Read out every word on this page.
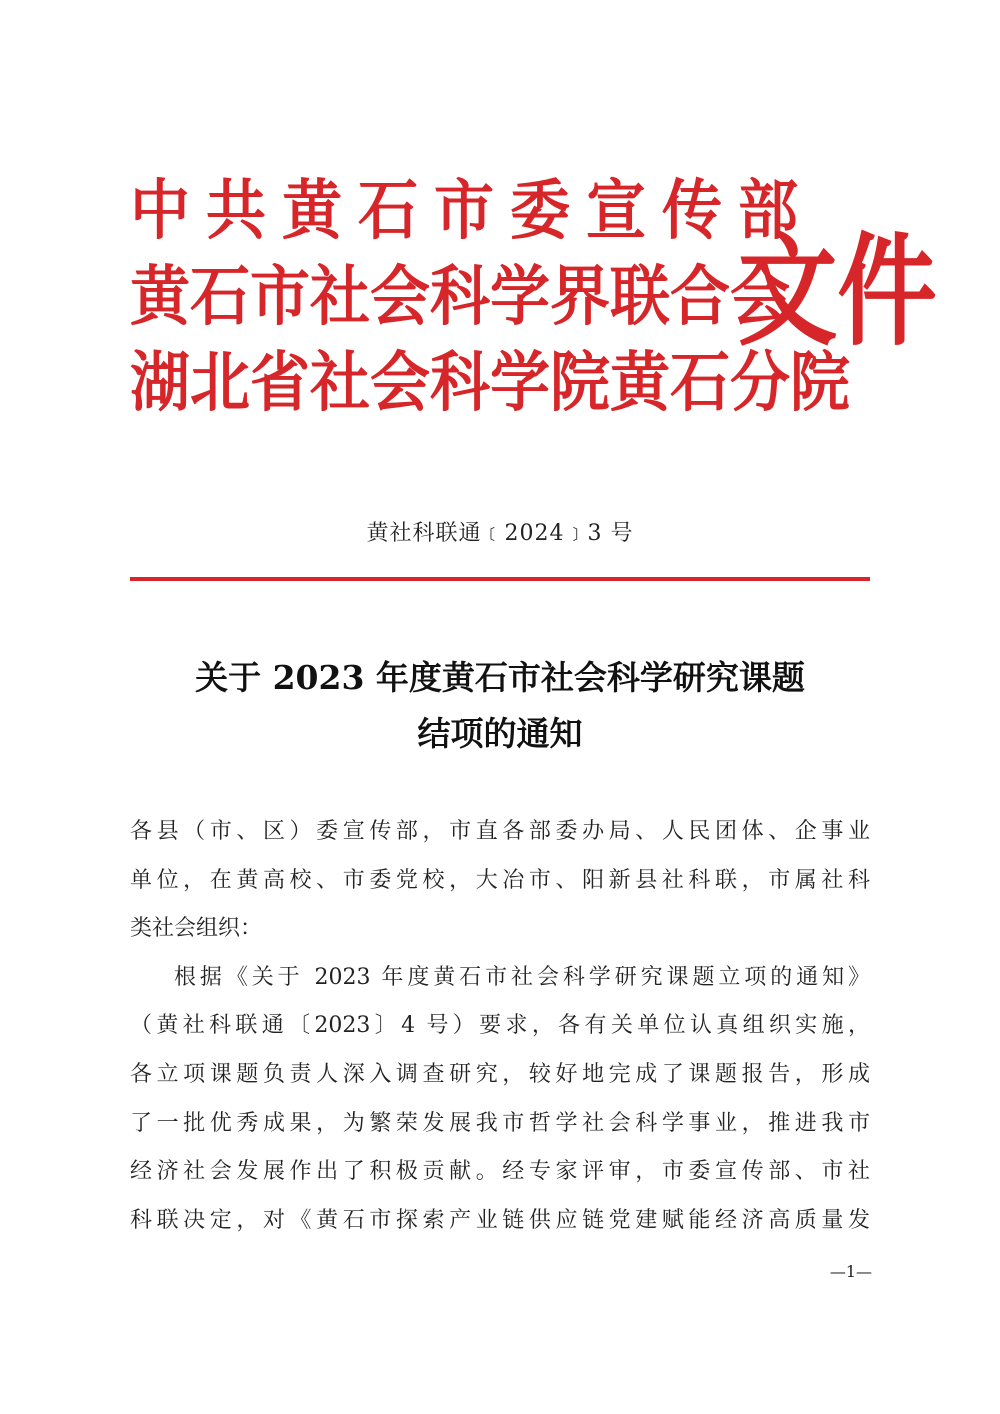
中共黄石市委宣传部
黄石市社会科学界联合会
湖北省社会科学院黄石分院
文件
黄社科联通﹝2024﹞3 号
关于 2023 年度黄石市社会科学研究课题
结项的通知

各县（市、区）委宣传部，市直各部委办局、人民团体、企事业

单位，在黄高校、市委党校，大冶市、阳新县社科联，市属社科

类社会组织：

根据《关于 2023 年度黄石市社会科学研究课题立项的通知》

（黄社科联通〔2023〕4 号）要求，各有关单位认真组织实施，

各立项课题负责人深入调查研究，较好地完成了课题报告，形成

了一批优秀成果，为繁荣发展我市哲学社会科学事业，推进我市

经济社会发展作出了积极贡献。经专家评审，市委宣传部、市社

科联决定，对《黄石市探索产业链供应链党建赋能经济高质量发

—1—
